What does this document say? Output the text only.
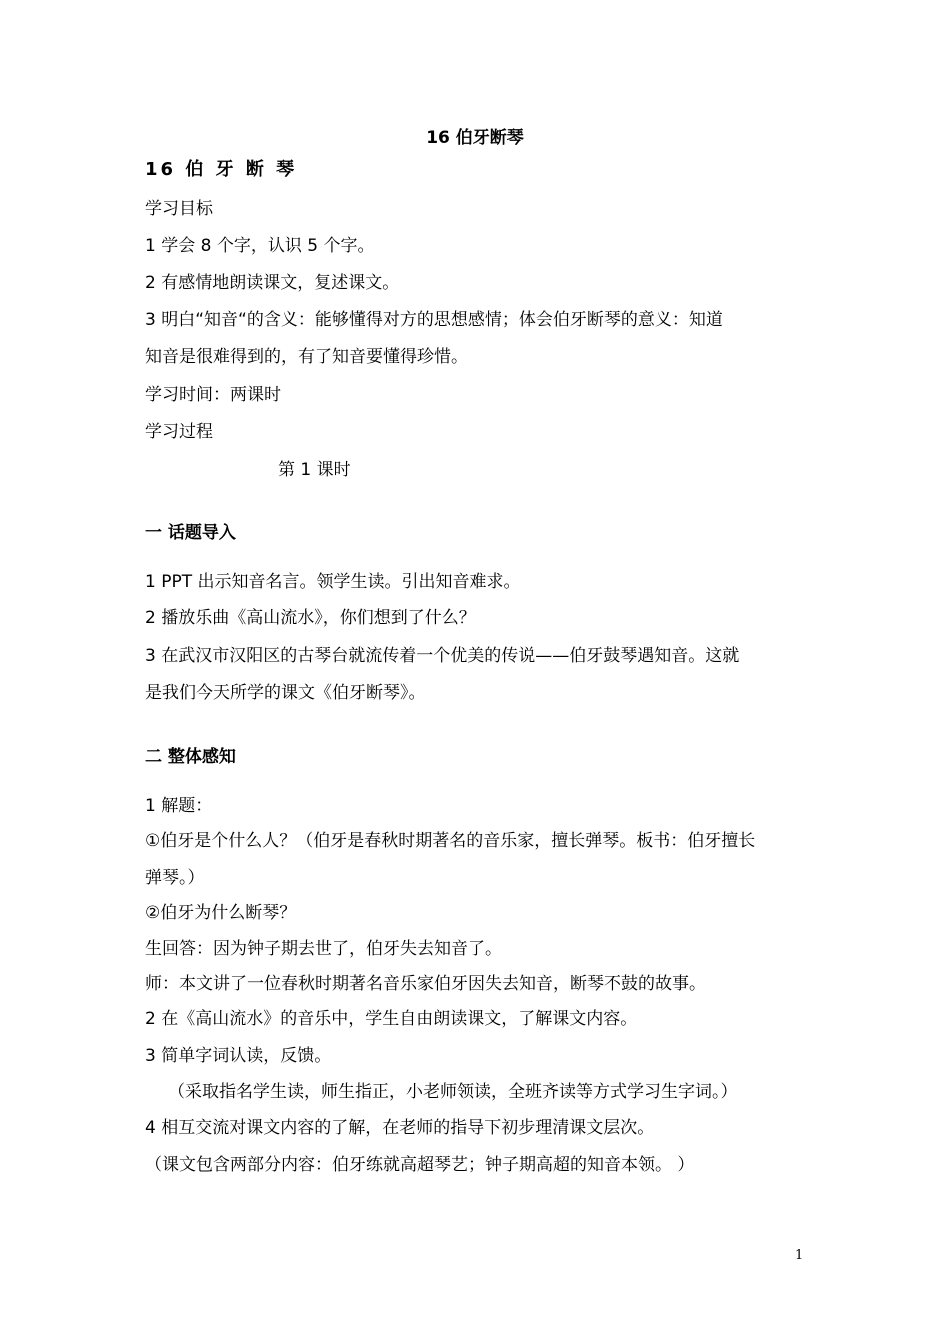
16 伯牙断琴
16 伯 牙 断 琴
学习目标
1 学会 8 个字，认识 5 个字。
2 有感情地朗读课文，复述课文。
3 明白“知音“的含义：能够懂得对方的思想感情；体会伯牙断琴的意义：知道
知音是很难得到的，有了知音要懂得珍惜。
学习时间：两课时
学习过程
第 1 课时
一 话题导入
1 PPT 出示知音名言。领学生读。引出知音难求。
2 播放乐曲《高山流水》，你们想到了什么？
3 在武汉市汉阳区的古琴台就流传着一个优美的传说——伯牙鼓琴遇知音。这就
是我们今天所学的课文《伯牙断琴》。
二 整体感知
1 解题：
①伯牙是个什么人？（伯牙是春秋时期著名的音乐家，擅长弹琴。板书：伯牙擅长
弹琴。）
②伯牙为什么断琴？
生回答：因为钟子期去世了，伯牙失去知音了。
师：本文讲了一位春秋时期著名音乐家伯牙因失去知音，断琴不鼓的故事。
2 在《高山流水》的音乐中，学生自由朗读课文，了解课文内容。
3 简单字词认读，反馈。
（采取指名学生读，师生指正，小老师领读，全班齐读等方式学习生字词。）
4 相互交流对课文内容的了解，在老师的指导下初步理清课文层次。
（课文包含两部分内容：伯牙练就高超琴艺；钟子期高超的知音本领。 ）
1
